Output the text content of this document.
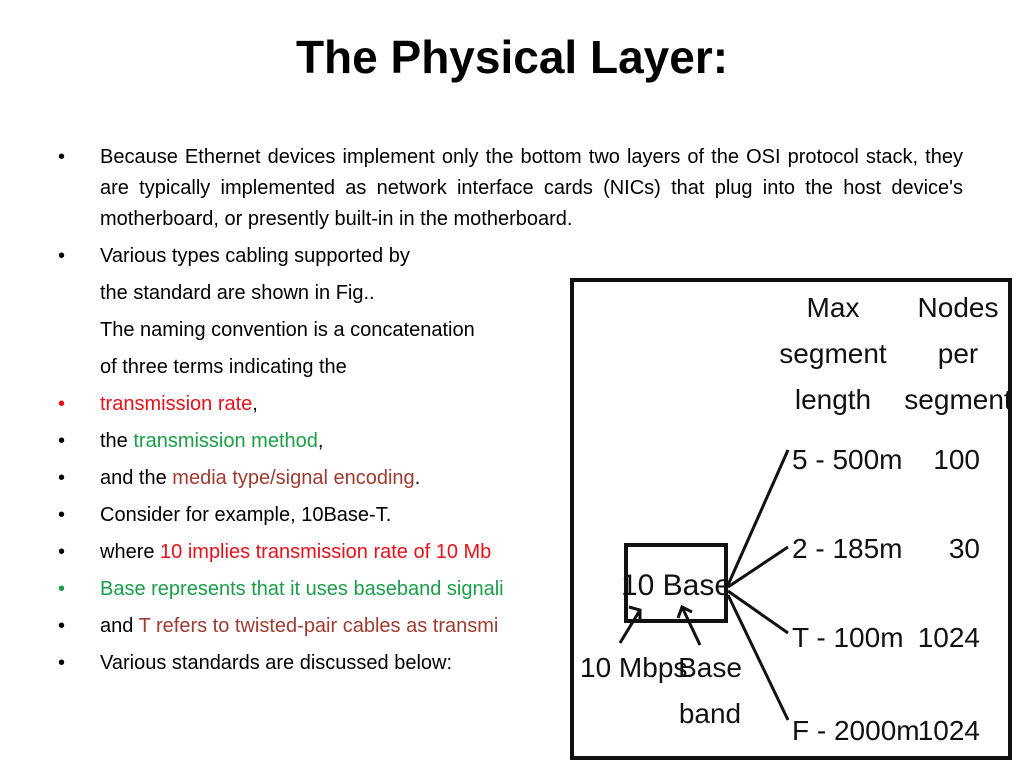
The Physical Layer:
• Because Ethernet devices implement only the bottom two layers of the OSI protocol stack, they are typically implemented as network interface cards (NICs) that plug into the host device's motherboard, or presently built-in in the motherboard.
• Various types cabling supported by
the standard are shown in Fig..
The naming convention is a concatenation
of three terms indicating the
• transmission rate,
• the transmission method,
• and the media type/signal encoding.
• Consider for example, 10Base-T.
• where 10 implies transmission rate of 10 Mb
• Base represents that it uses baseband signali
• and T refers to twisted-pair cables as transmi
• Various standards are discussed below:
Max
segment
length
Nodes
per
segment
5 - 500m
2 - 185m
T - 100m
F - 2000m
100
30
1024
1024
10 Base
10 Mbps
Base
band
